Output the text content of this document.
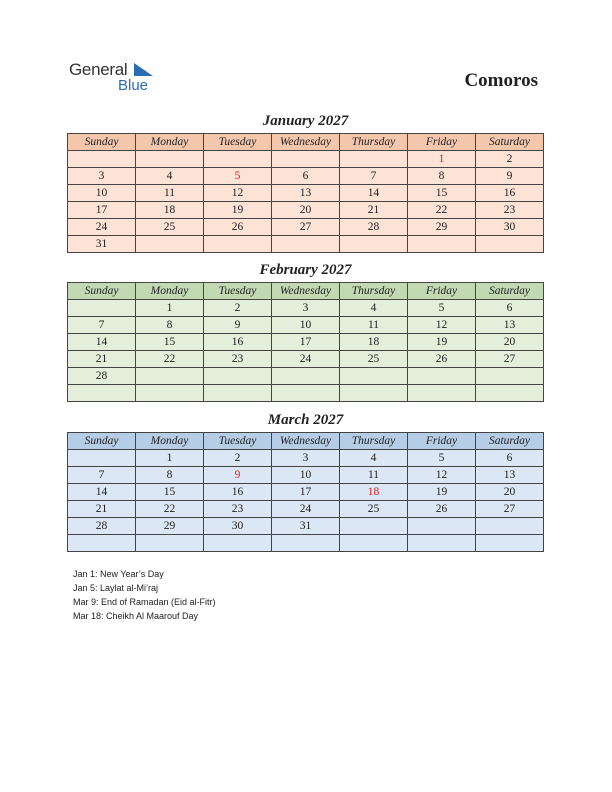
General
Blue	Comoros
January 2027
Sunday	Monday	Tuesday	Wednesday	Thursday	Friday	Saturday
					1	2
3	4	5	6	7	8	9
10	11	12	13	14	15	16
17	18	19	20	21	22	23
24	25	26	27	28	29	30
31						
February 2027
Sunday	Monday	Tuesday	Wednesday	Thursday	Friday	Saturday
	1	2	3	4	5	6
7	8	9	10	11	12	13
14	15	16	17	18	19	20
21	22	23	24	25	26	27
28						

March 2027
Sunday	Monday	Tuesday	Wednesday	Thursday	Friday	Saturday
	1	2	3	4	5	6
7	8	9	10	11	12	13
14	15	16	17	18	19	20
21	22	23	24	25	26	27
28	29	30	31			

Jan 1: New Year’s Day
Jan 5: Laylat al-Mi’raj
Mar 9: End of Ramadan (Eid al-Fitr)
Mar 18: Cheikh Al Maarouf Day
